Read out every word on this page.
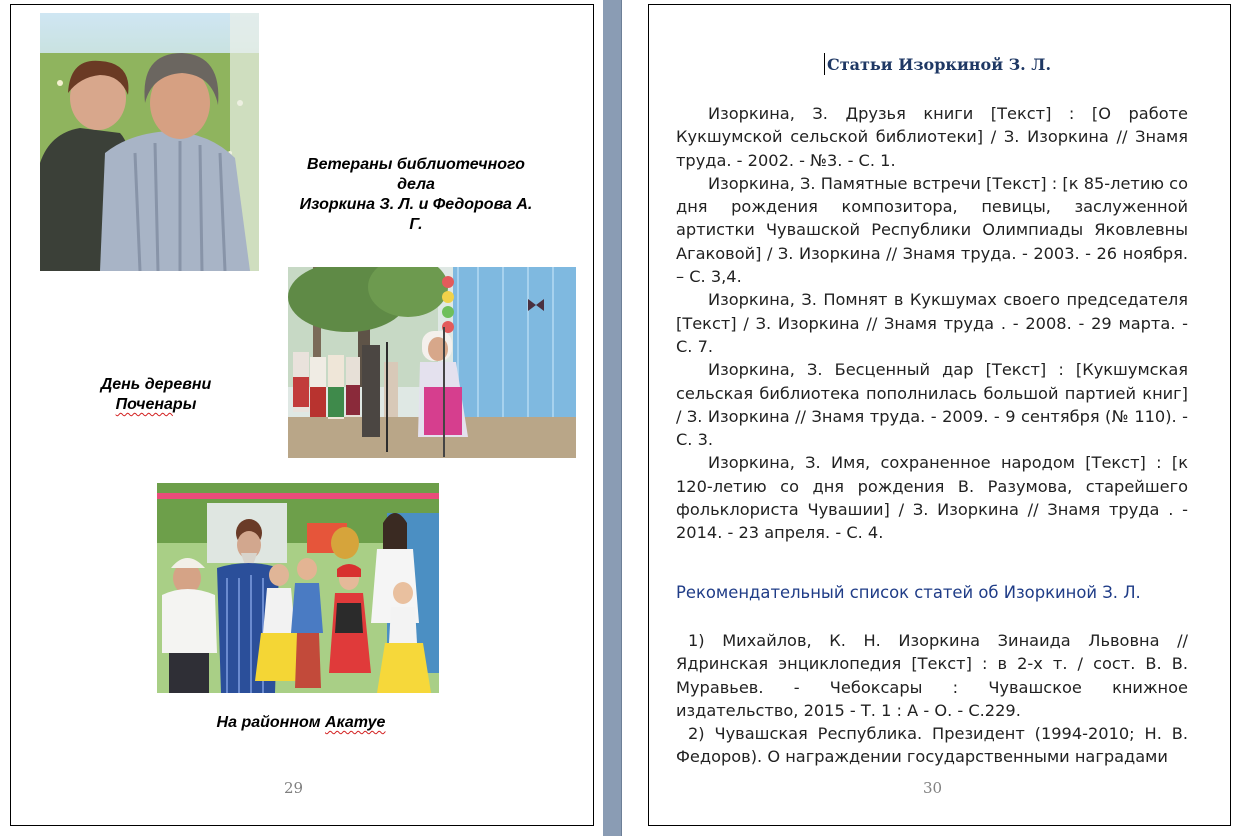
Ветераны библиотечного
дела
Изоркина З. Л. и Федорова А.
Г.
День деревни
Поченары
На районном Акатуе
29
Статьи Изоркиной З. Л.

Изоркина, З. Друзья книги [Текст] : [О работе Кукшумской сельской библиотеки] / З. Изоркина // Знамя труда. - 2002. - №3. - С. 1.

Изоркина, З. Памятные встречи [Текст] : [к 85-летию со дня рождения композитора, певицы, заслуженной артистки Чувашской Республики Олимпиады Яковлевны Агаковой] / З. Изоркина // Знамя труда. - 2003. - 26 ноября. – С. 3,4.

Изоркина, З. Помнят в Кукшумах своего председателя [Текст] / З. Изоркина // Знамя труда . - 2008. - 29 марта. - С. 7.

Изоркина, З. Бесценный дар [Текст] : [Кукшумская сельская библиотека пополнилась большой партией книг] / З. Изоркина // Знамя труда. - 2009. - 9 сентября (№ 110). - С. 3.

Изоркина, З. Имя, сохраненное народом [Текст] : [к 120-летию со дня рождения В. Разумова, старейшего фольклориста Чувашии] / З. Изоркина // Знамя труда . - 2014. - 23 апреля. - С. 4.

Рекомендательный список статей об Изоркиной З. Л.

1) Михайлов, К. Н. Изоркина Зинаида Львовна // Ядринская энциклопедия [Текст] : в 2-х т. / сост. В. В. Муравьев. - Чебоксары : Чувашское книжное издательство, 2015 - Т. 1 : А - О. - С.229.

2) Чувашская Республика. Президент (1994-2010; Н. В. Федоров). О награждении государственными наградами

30
